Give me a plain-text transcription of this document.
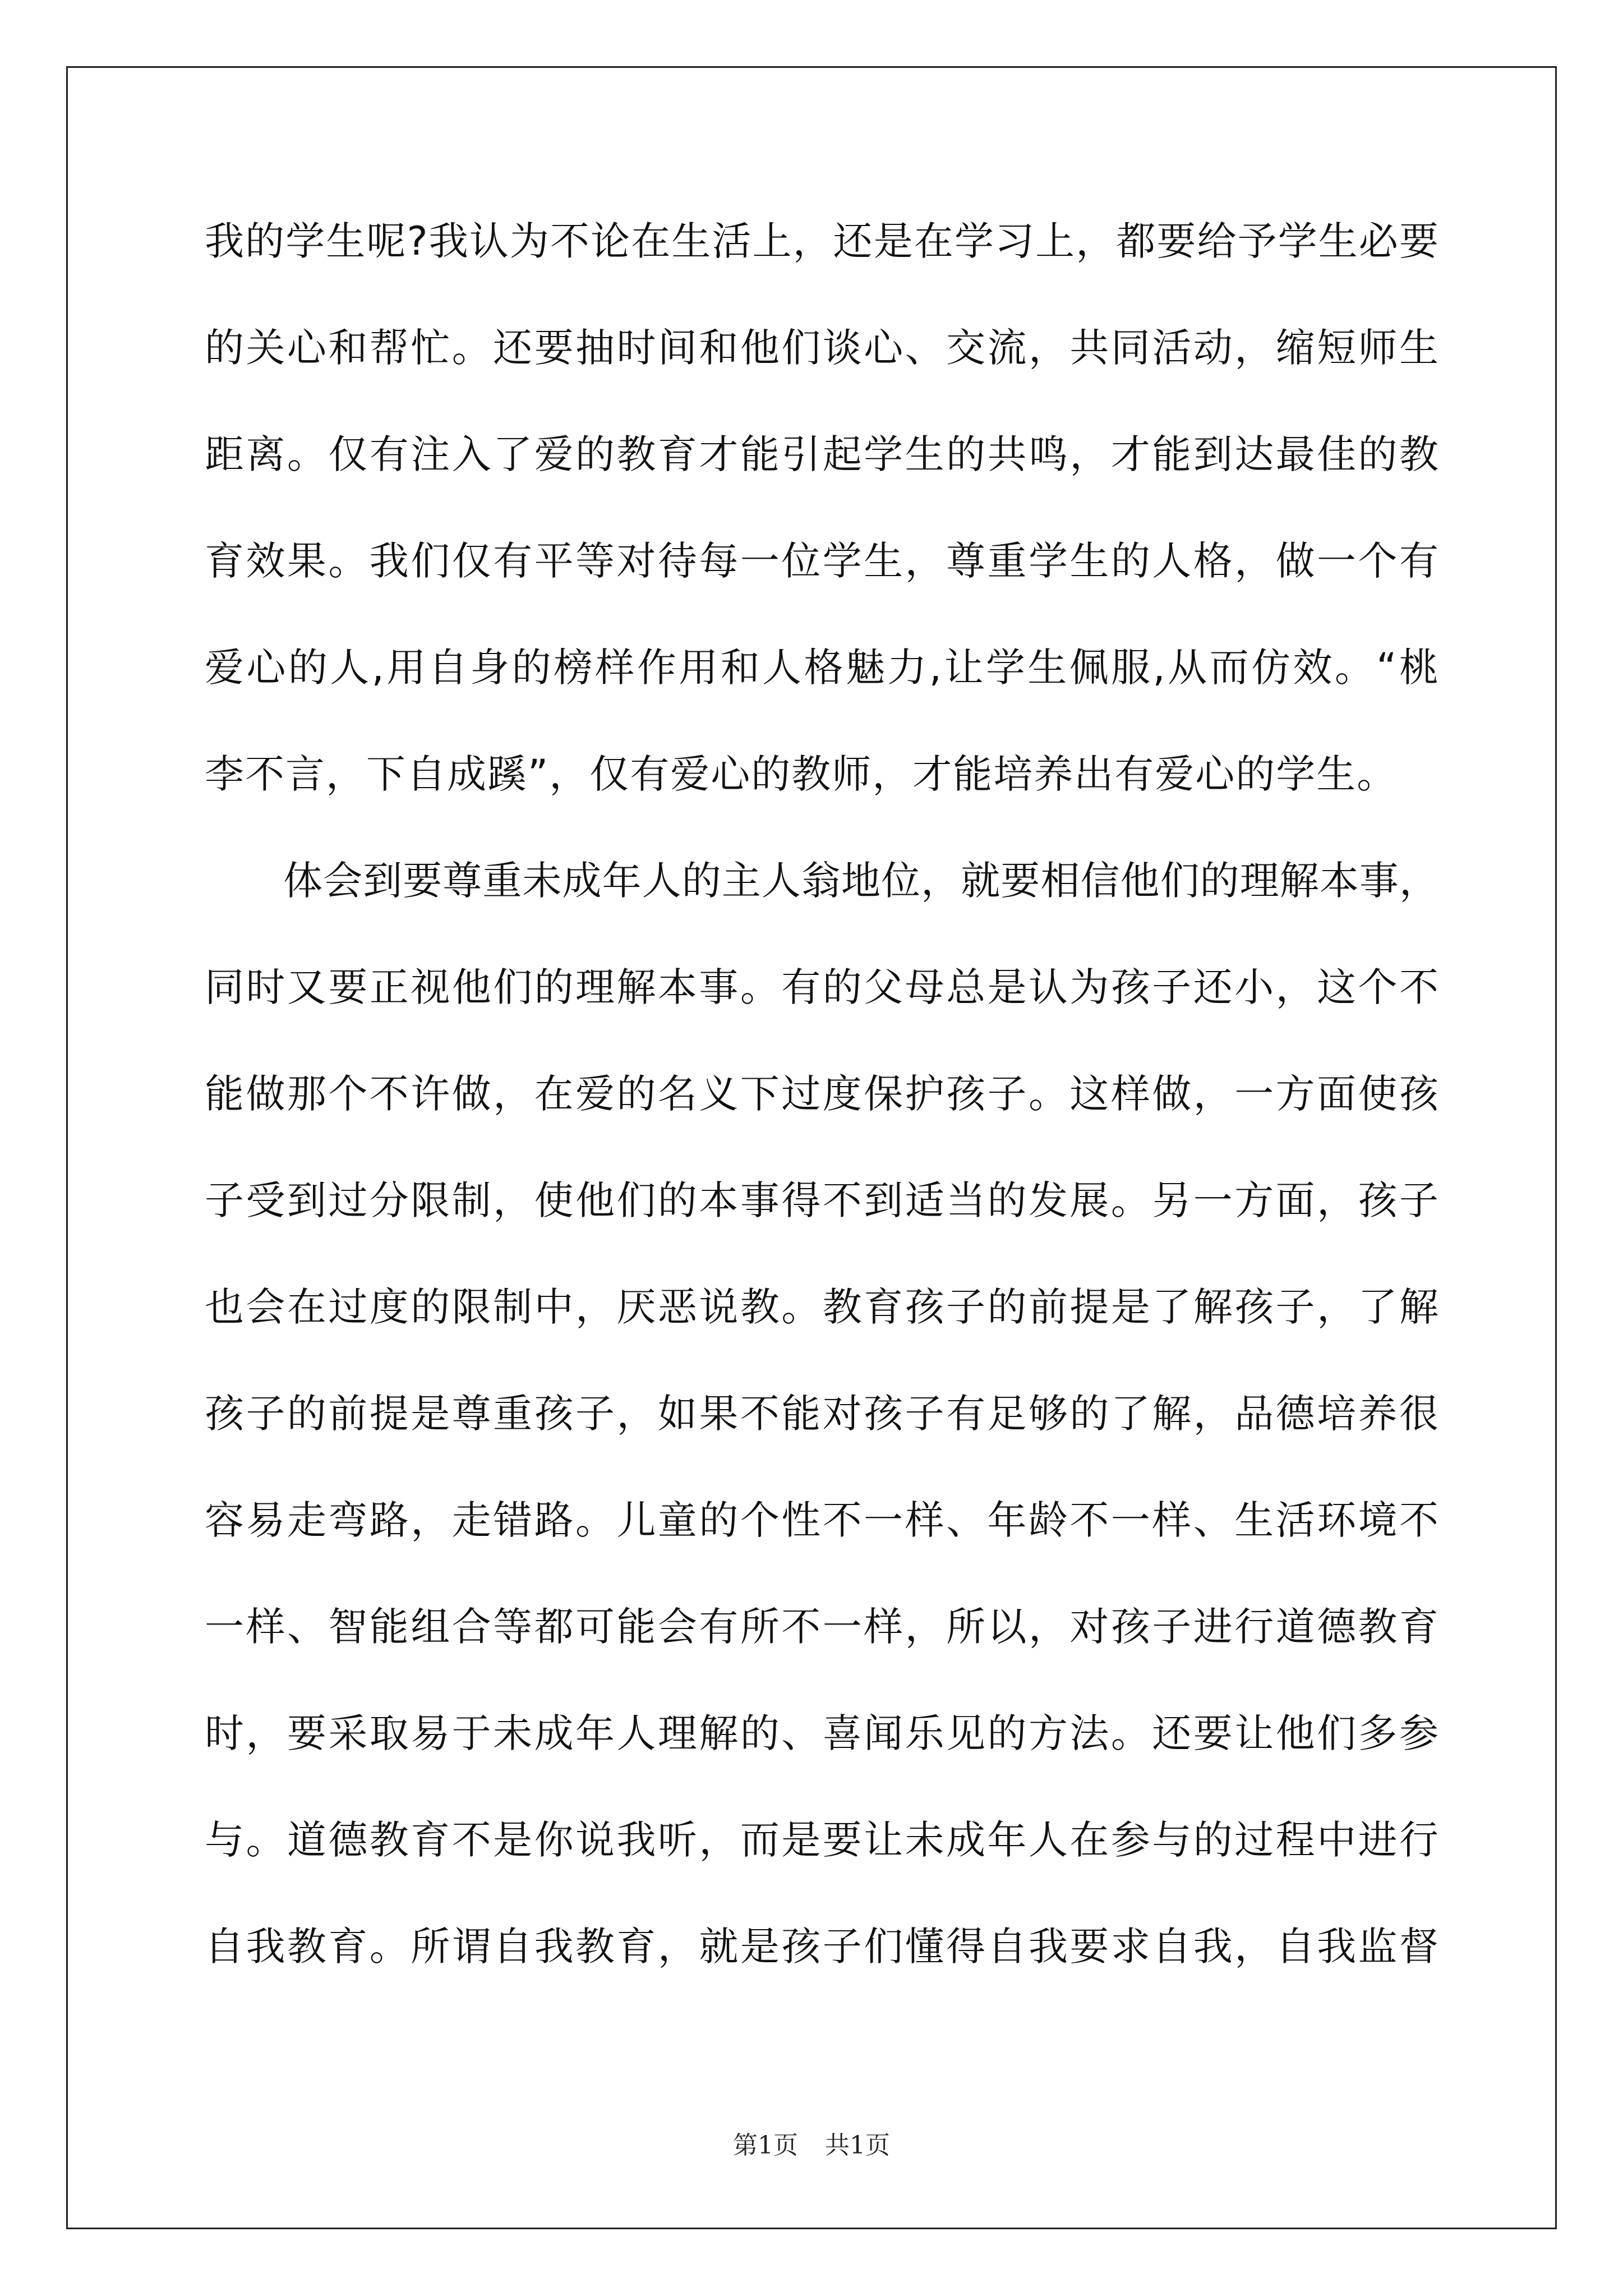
我的学生呢?我认为不论在生活上，还是在学习上，都要给予学生必要
的关心和帮忙。还要抽时间和他们谈心、交流，共同活动，缩短师生
距离。仅有注入了爱的教育才能引起学生的共鸣，才能到达最佳的教
育效果。我们仅有平等对待每一位学生，尊重学生的人格，做一个有
爱心的人,用自身的榜样作用和人格魅力,让学生佩服,从而仿效。“桃
李不言，下自成蹊”，仅有爱心的教师，才能培养出有爱心的学生。
体会到要尊重未成年人的主人翁地位，就要相信他们的理解本事，
同时又要正视他们的理解本事。有的父母总是认为孩子还小，这个不
能做那个不许做，在爱的名义下过度保护孩子。这样做，一方面使孩
子受到过分限制，使他们的本事得不到适当的发展。另一方面，孩子
也会在过度的限制中，厌恶说教。教育孩子的前提是了解孩子，了解
孩子的前提是尊重孩子，如果不能对孩子有足够的了解，品德培养很
容易走弯路，走错路。儿童的个性不一样、年龄不一样、生活环境不
一样、智能组合等都可能会有所不一样，所以，对孩子进行道德教育
时，要采取易于未成年人理解的、喜闻乐见的方法。还要让他们多参
与。道德教育不是你说我听，而是要让未成年人在参与的过程中进行
自我教育。所谓自我教育，就是孩子们懂得自我要求自我，自我监督
第1页 共1页
